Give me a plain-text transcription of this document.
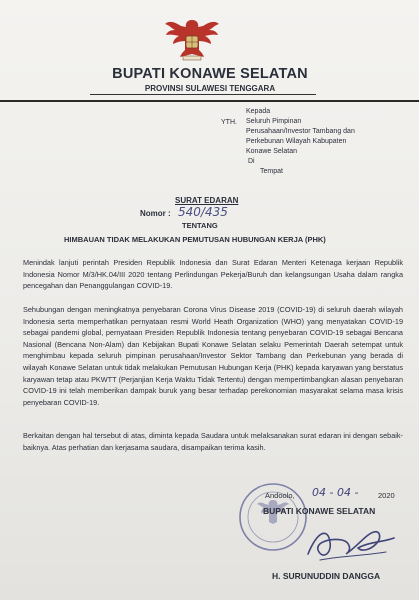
BUPATI KONAWE SELATAN
PROVINSI SULAWESI TENGGARA
YTH.
Kepada
Seluruh Pimpinan
Perusahaan/Investor Tambang dan
Perkebunan Wilayah Kabupaten
Konawe Selatan
Di
Tempat
SURAT EDARAN
Nomor : 540/435
TENTANG
HIMBAUAN TIDAK MELAKUKAN PEMUTUSAN HUBUNGAN KERJA (PHK)

Menindak lanjuti perintah Presiden Republik Indonesia dan Surat Edaran Menteri Ketenaga kerjaan Republik Indonesia Nomor M/3/HK.04/III 2020 tentang Perlindungan Pekerja/Buruh dan kelangsungan Usaha dalam rangka pencegahan dan Penanggulangan COVID-19.

Sehubungan dengan meningkatnya penyebaran Corona Virus Disease 2019 (COVID-19) di seluruh daerah wilayah Indonesia serta memperhatikan pernyataan resmi World Heath Organization (WHO) yang menyatakan COVID-19 sebagai pandemi global, pernyataan Presiden Republik Indonesia tentang penyebaran COVID-19 sebagai Bencana Nasional (Bencana Non-Alam) dan Kebijakan Bupati Konawe Selatan selaku Pemerintah Daerah setempat untuk menghimbau kepada seluruh pimpinan perusahaan/Investor Sektor Tambang dan Perkebunan yang berada di wilayah Konawe Selatan untuk tidak melakukan Pemutusan Hubungan Kerja (PHK) kepada karyawan yang berstatus karyawan tetap atau PKWTT (Perjanjian Kerja Waktu Tidak Tertentu) dengan mempertimbangkan alasan penyebaran COVID-19 ini telah memberikan dampak buruk yang besar terhadap perekonomian masyarakat selama masa krisis penyebaran COVID-19.

Berkaitan dengan hal tersebut di atas, diminta kepada Saudara untuk melaksanakan surat edaran ini dengan sebaik-baiknya. Atas perhatian dan kerjasama saudara, disampaikan terima kasih.

Andoolo, 04 - 04 -	2020
BUPATI KONAWE SELATAN
H. SURUNUDDIN DANGGA
